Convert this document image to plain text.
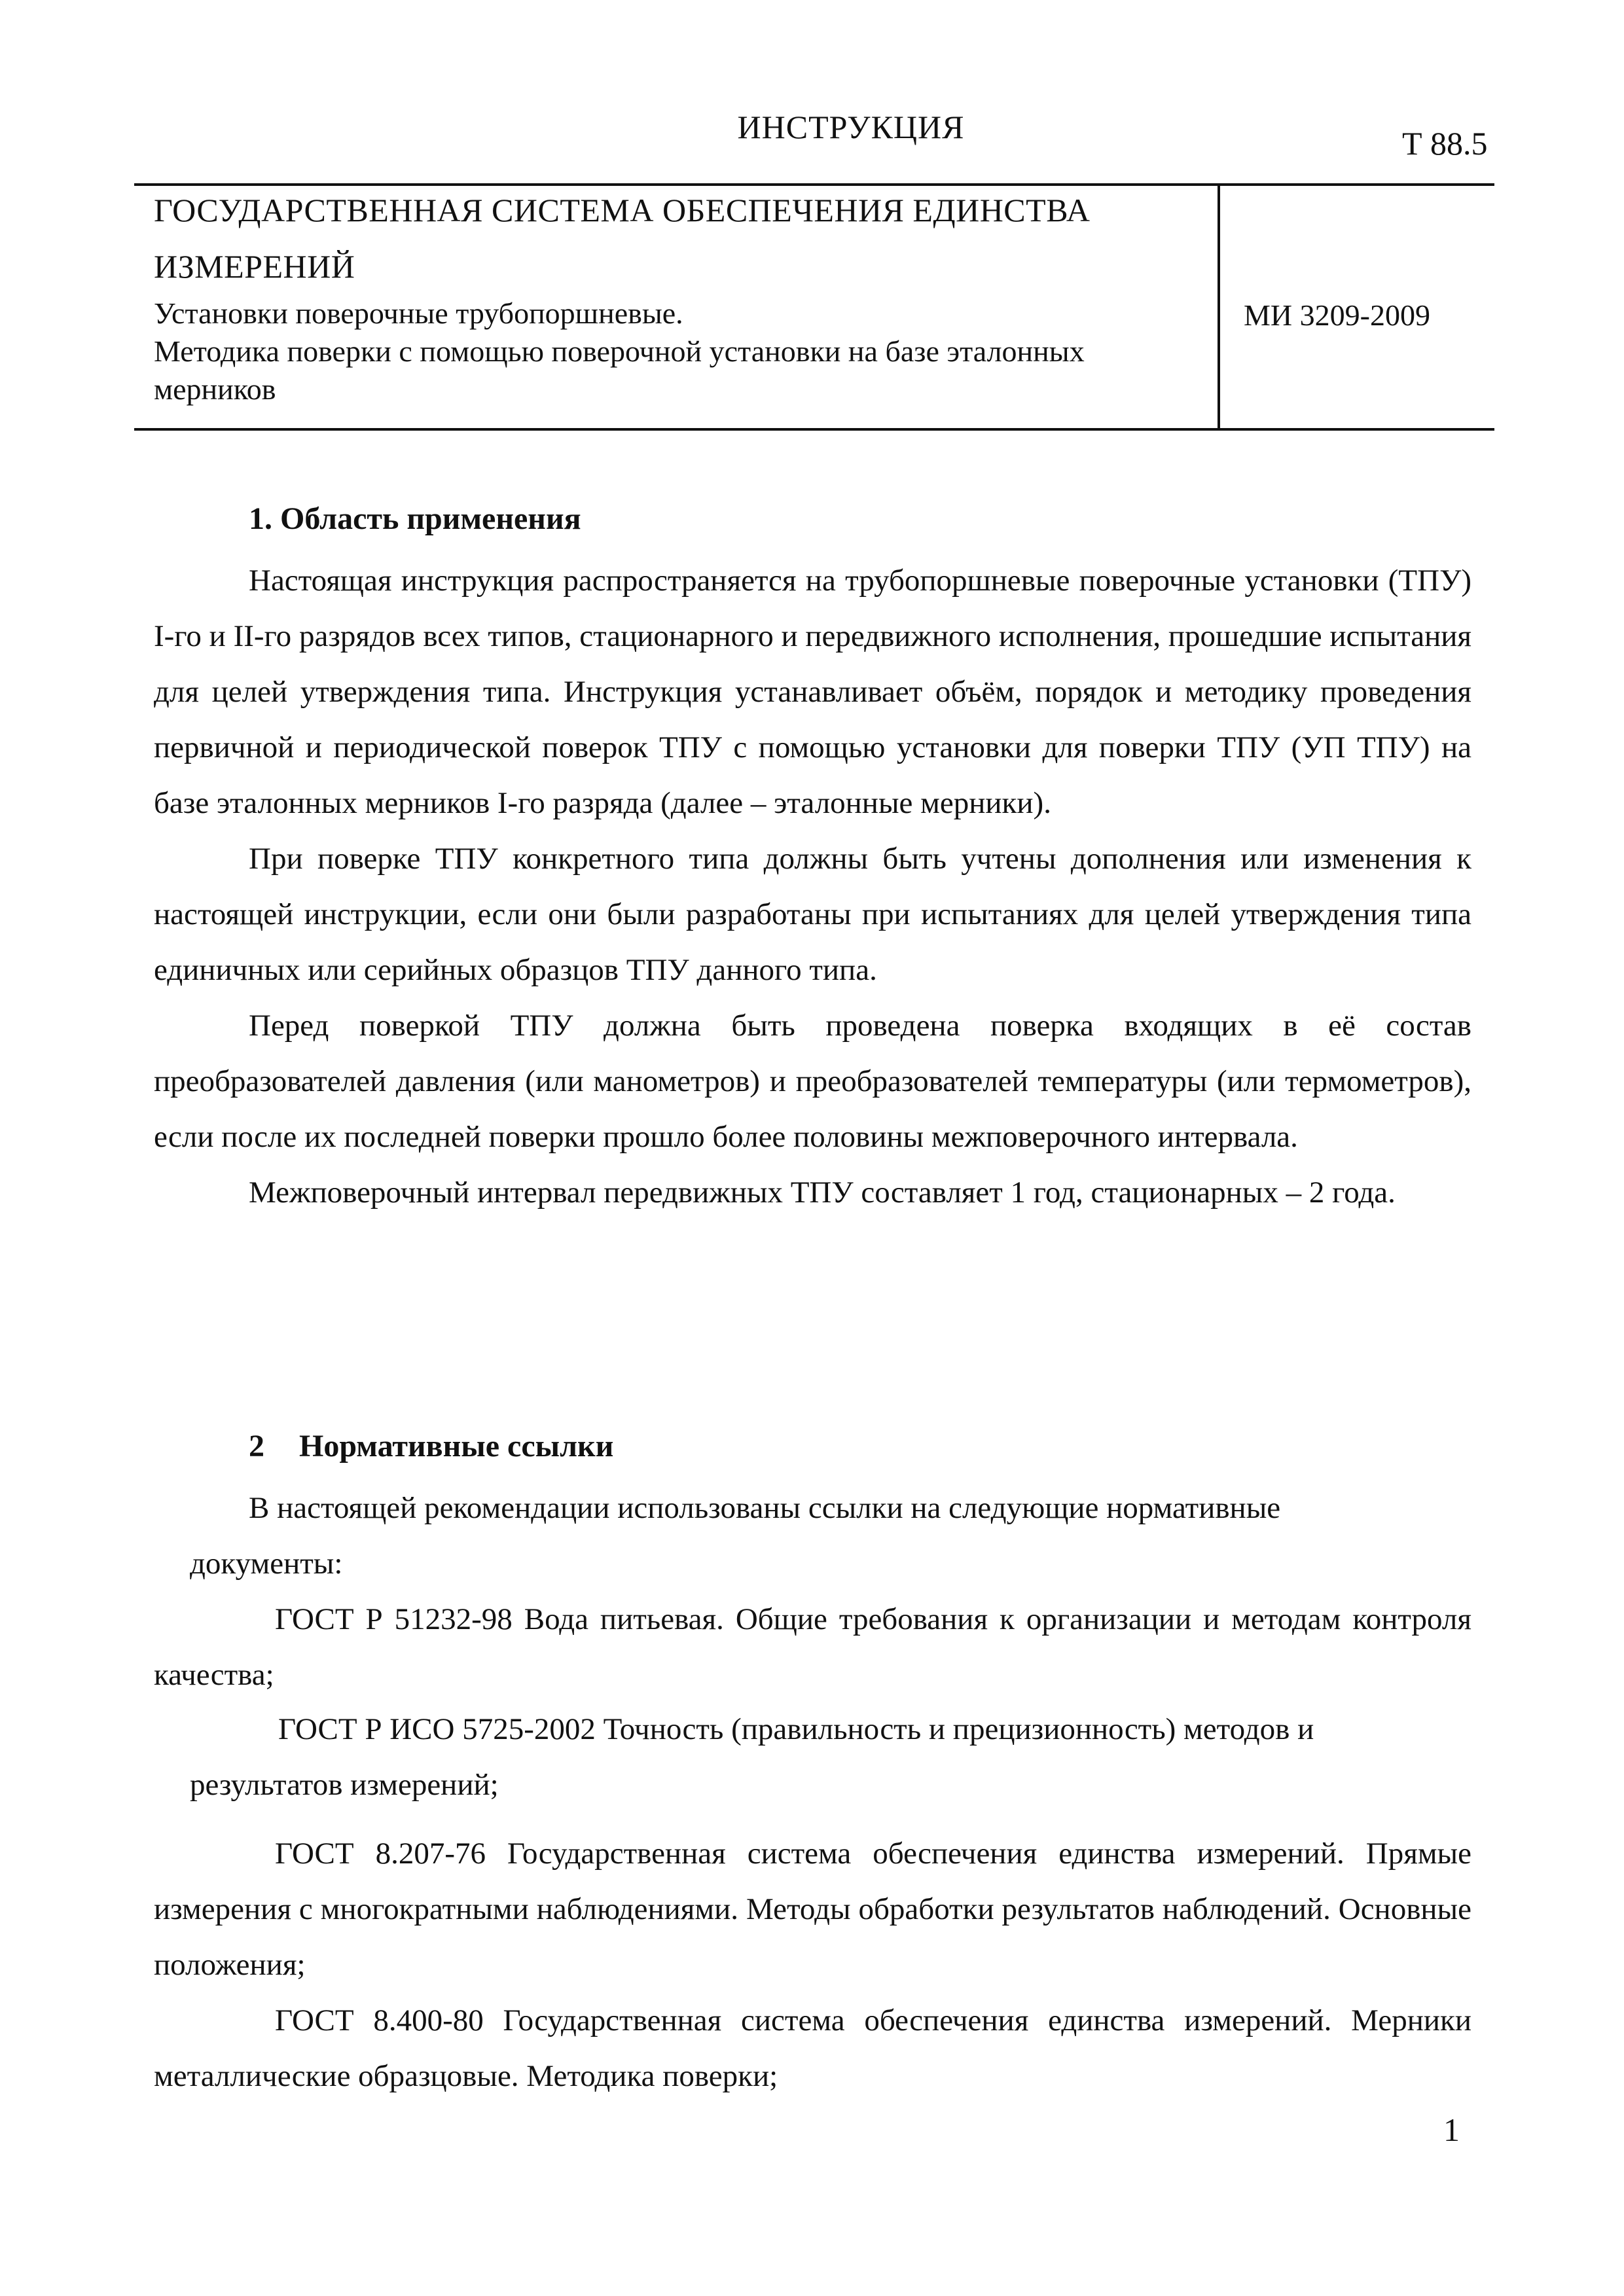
ИНСТРУКЦИЯ	Т 88.5
ГОСУДАРСТВЕННАЯ СИСТЕМА ОБЕСПЕЧЕНИЯ ЕДИНСТВА
ИЗМЕРЕНИЙ
Установки поверочные трубопоршневые.
Методика поверки с помощью поверочной установки на базе эталонных
мерников
МИ 3209-2009
1. Область применения

Настоящая инструкция распространяется на трубопоршневые поверочные установки (ТПУ) I-го и II-го разрядов всех типов, стационарного и передвижного исполнения, прошедшие испытания для целей утверждения типа. Инструкция устанавливает объём, порядок и методику проведения первичной и периодической поверок ТПУ с помощью установки для поверки ТПУ (УП ТПУ) на базе эталонных мерников I-го разряда (далее – эталонные мерники).

При поверке ТПУ конкретного типа должны быть учтены дополнения или изменения к настоящей инструкции, если они были разработаны при испытаниях для целей утверждения типа единичных или серийных образцов ТПУ данного типа.

Перед поверкой ТПУ должна быть проведена поверка входящих в её состав преобразователей давления (или манометров) и преобразователей температуры (или термометров), если после их последней поверки прошло более половины межповерочного интервала.

Межповерочный интервал передвижных ТПУ составляет 1 год, стационарных – 2 года.

2 Нормативные ссылки
В настоящей рекомендации использованы ссылки на следующие нормативные
документы:

ГОСТ Р 51232-98 Вода питьевая. Общие требования к организации и методам контроля качества;

ГОСТ Р ИСО 5725-2002 Точность (правильность и прецизионность) методов и
результатов измерений;

ГОСТ 8.207-76 Государственная система обеспечения единства измерений. Прямые измерения с многократными наблюдениями. Методы обработки результатов наблюдений. Основные положения;

ГОСТ 8.400-80 Государственная система обеспечения единства измерений. Мерники металлические образцовые. Методика поверки;

1
